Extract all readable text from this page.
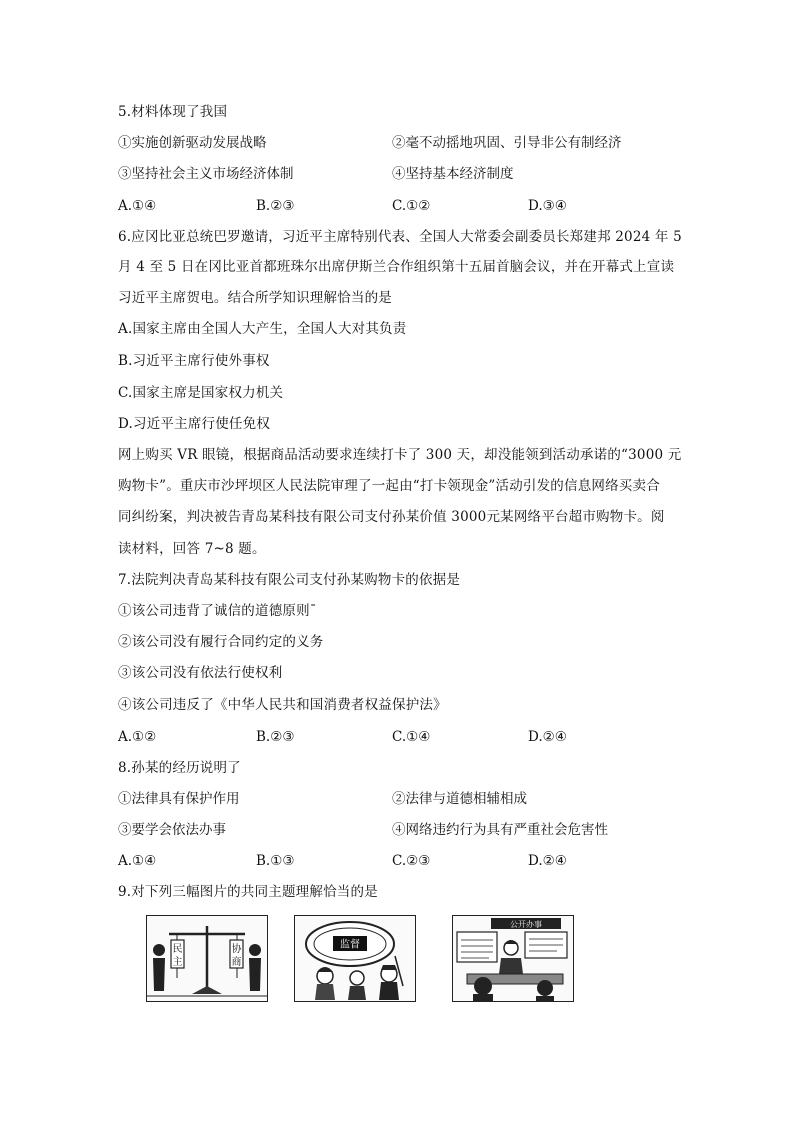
5.材料体现了我国
①实施创新驱动发展战略	②毫不动摇地巩固、引导非公有制经济
③坚持社会主义市场经济体制	④坚持基本经济制度
A.①④	B.②③	C.①②	D.③④
6.应冈比亚总统巴罗邀请，习近平主席特别代表、全国人大常委会副委员长郑建邦 2024 年 5
月 4 至 5 日在冈比亚首都班珠尔出席伊斯兰合作组织第十五届首脑会议，并在开幕式上宣读
习近平主席贺电。结合所学知识理解恰当的是
A.国家主席由全国人大产生，全国人大对其负责
B.习近平主席行使外事权
C.国家主席是国家权力机关
D.习近平主席行使任免权
网上购买 VR 眼镜，根据商品活动要求连续打卡了 300 天，却没能领到活动承诺的“3000 元
购物卡”。重庆市沙坪坝区人民法院审理了一起由“打卡领现金”活动引发的信息网络买卖合
同纠纷案，判决被告青岛某科技有限公司支付孙某价值 3000元某网络平台超市购物卡。阅
读材料，回答 7~8 题。
7.法院判决青岛某科技有限公司支付孙某购物卡的依据是
①该公司违背了诚信的道德原则ˉ
②该公司没有履行合同约定的义务
③该公司没有依法行使权利
④该公司违反了《中华人民共和国消费者权益保护法》
A.①②	B.②③	C.①④	D.②④
8.孙某的经历说明了
①法律具有保护作用	②法律与道德相辅相成
③要学会依法办事	④网络违约行为具有严重社会危害性
A.①④	B.①③	C.②③	D.②④
9.对下列三幅图片的共同主题理解恰当的是
民
主
协
商
监督
公开办事
